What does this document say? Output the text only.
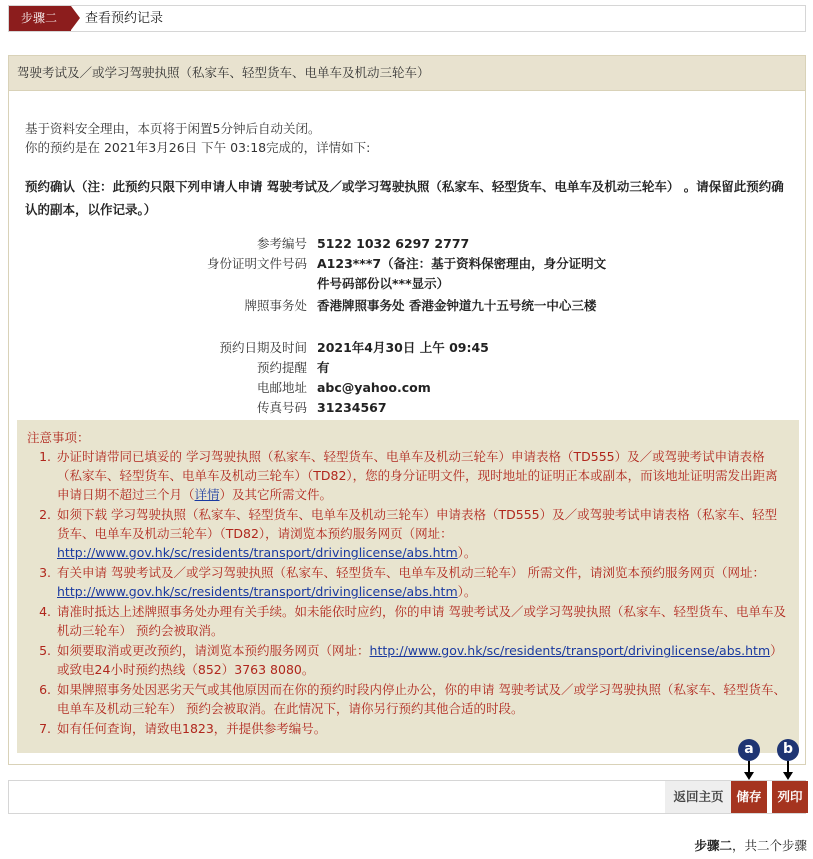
步骤二	查看预约记录
驾驶考试及／或学习驾驶执照（私家车、轻型货车、电单车及机动三轮车）
基于资料安全理由，本页将于闲置5分钟后自动关闭。
你的预约是在 2021年3月26日 下午 03:18完成的，详情如下:
预约确认（注：此预约只限下列申请人申请 驾驶考试及／或学习驾驶执照（私家车、轻型货车、电单车及机动三轮车） 。请保留此预约确认的副本，以作记录。）
参考编号 5122 1032 6297 2777
身份证明文件号码 A123***7（备注：基于资料保密理由，身分证明文件号码部份以***显示）
牌照事务处 香港牌照事务处 香港金钟道九十五号统一中心三楼
预约日期及时间 2021年4月30日 上午 09:45
预约提醒 有
电邮地址 abc@yahoo.com
传真号码 31234567
注意事项：
1. 办证时请带同已填妥的 学习驾驶执照（私家车、轻型货车、电单车及机动三轮车）申请表格（TD555）及／或驾驶考试申请表格（私家车、轻型货车、电单车及机动三轮车）（TD82），您的身分证明文件，现时地址的证明正本或副本，而该地址证明需发出距离申请日期不超过三个月（详情）及其它所需文件。
2. 如须下载 学习驾驶执照（私家车、轻型货车、电单车及机动三轮车）申请表格（TD555）及／或驾驶考试申请表格（私家车、轻型货车、电单车及机动三轮车）（TD82），请浏览本预约服务网页（网址：http://www.gov.hk/sc/residents/transport/drivinglicense/abs.htm）。
3. 有关申请 驾驶考试及／或学习驾驶执照（私家车、轻型货车、电单车及机动三轮车） 所需文件，请浏览本预约服务网页（网址：http://www.gov.hk/sc/residents/transport/drivinglicense/abs.htm）。
4. 请准时抵达上述牌照事务处办理有关手续。如未能依时应约，你的申请 驾驶考试及／或学习驾驶执照（私家车、轻型货车、电单车及机动三轮车） 预约会被取消。
5. 如须要取消或更改预约，请浏览本预约服务网页（网址：http://www.gov.hk/sc/residents/transport/drivinglicense/abs.htm）或致电24小时预约热线（852）3763 8080。
6. 如果牌照事务处因恶劣天气或其他原因而在你的预约时段内停止办公，你的申请 驾驶考试及／或学习驾驶执照（私家车、轻型货车、电单车及机动三轮车） 预约会被取消。在此情况下，请你另行预约其他合适的时段。
7. 如有任何查询，请致电1823，并提供参考编号。
a	b
返回主页	储存	列印
步骤二，共二个步骤
